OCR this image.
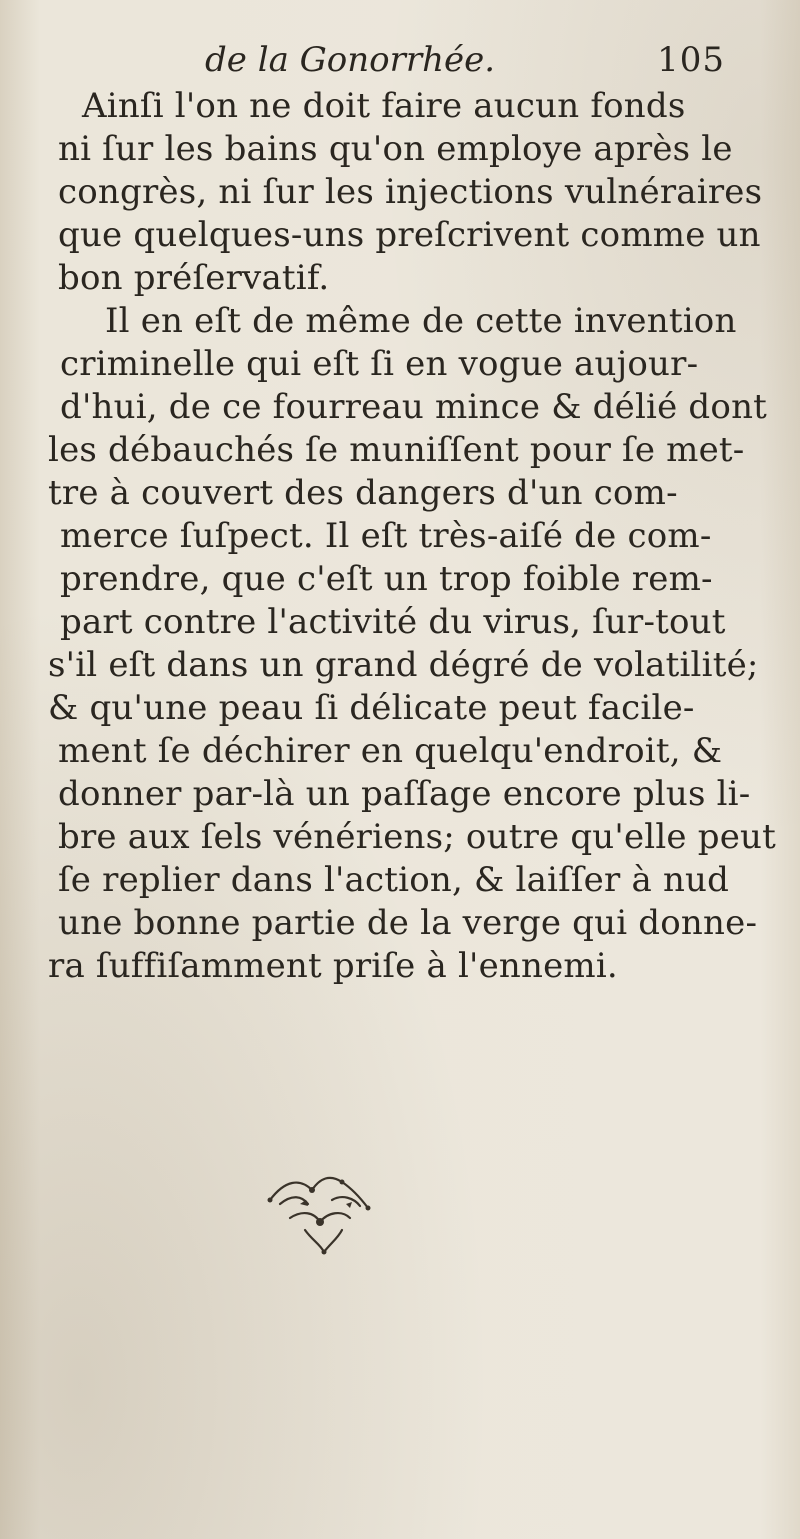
de la Gonorrhée.	105
Ainſi l'on ne doit faire aucun fonds
ni ſur les bains qu'on employe après le
congrès, ni ſur les injections vulnéraires
que quelques-uns preſcrivent comme un
bon préſervatif.
Il en eſt de même de cette invention
criminelle qui eſt ſi en vogue aujour-
d'hui, de ce fourreau mince & délié dont
les débauchés ſe muniſſent pour ſe met-
tre à couvert des dangers d'un com-
merce ſuſpect. Il eſt très-aiſé de com-
prendre, que c'eſt un trop foible rem-
part contre l'activité du virus, ſur-tout
s'il eſt dans un grand dégré de volatilité;
& qu'une peau ſi délicate peut facile-
ment ſe déchirer en quelqu'endroit, &
donner par-là un paſſage encore plus li-
bre aux ſels vénériens; outre qu'elle peut
ſe replier dans l'action, & laiſſer à nud
une bonne partie de la verge qui donne-
ra ſuffiſamment priſe à l'ennemi.
